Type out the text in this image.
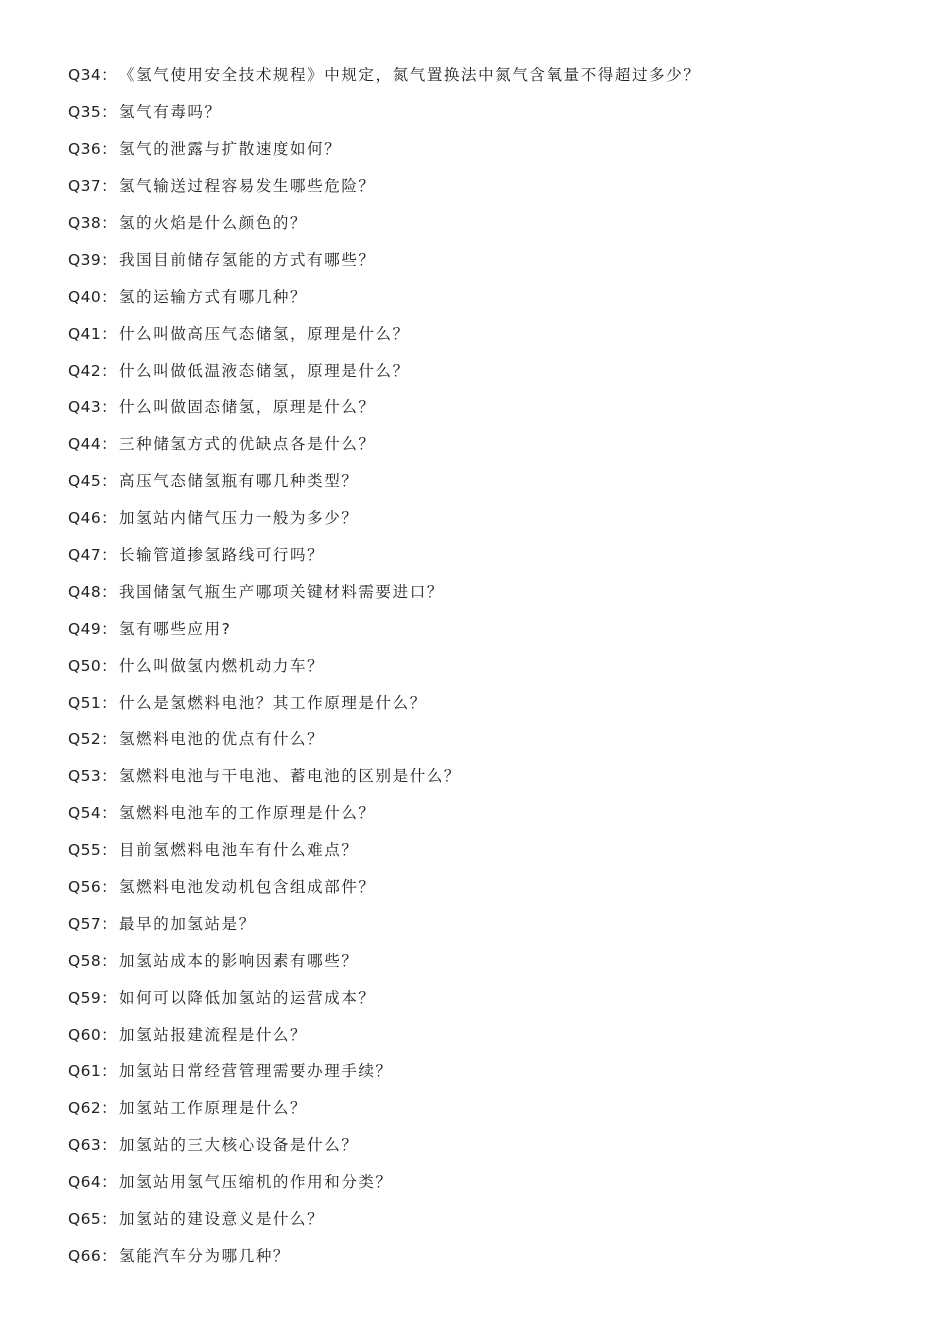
Q34： 《氢气使用安全技术规程》中规定，氮气置换法中氮气含氧量不得超过多少？
Q35： 氢气有毒吗？
Q36： 氢气的泄露与扩散速度如何？
Q37： 氢气输送过程容易发生哪些危险？
Q38： 氢的火焰是什么颜色的？
Q39： 我国目前储存氢能的方式有哪些？
Q40： 氢的运输方式有哪几种？
Q41： 什么叫做高压气态储氢，原理是什么？
Q42： 什么叫做低温液态储氢，原理是什么？
Q43： 什么叫做固态储氢，原理是什么？
Q44： 三种储氢方式的优缺点各是什么？
Q45： 高压气态储氢瓶有哪几种类型？
Q46： 加氢站内储气压力一般为多少？
Q47： 长输管道掺氢路线可行吗？
Q48： 我国储氢气瓶生产哪项关键材料需要进口？
Q49： 氢有哪些应用?
Q50： 什么叫做氢内燃机动力车？
Q51： 什么是氢燃料电池？其工作原理是什么？
Q52： 氢燃料电池的优点有什么？
Q53： 氢燃料电池与干电池、蓄电池的区别是什么？
Q54： 氢燃料电池车的工作原理是什么？
Q55： 目前氢燃料电池车有什么难点？
Q56： 氢燃料电池发动机包含组成部件？
Q57： 最早的加氢站是？
Q58： 加氢站成本的影响因素有哪些？
Q59： 如何可以降低加氢站的运营成本？
Q60： 加氢站报建流程是什么？
Q61： 加氢站日常经营管理需要办理手续？
Q62： 加氢站工作原理是什么？
Q63： 加氢站的三大核心设备是什么？
Q64： 加氢站用氢气压缩机的作用和分类？
Q65： 加氢站的建设意义是什么？
Q66： 氢能汽车分为哪几种？
